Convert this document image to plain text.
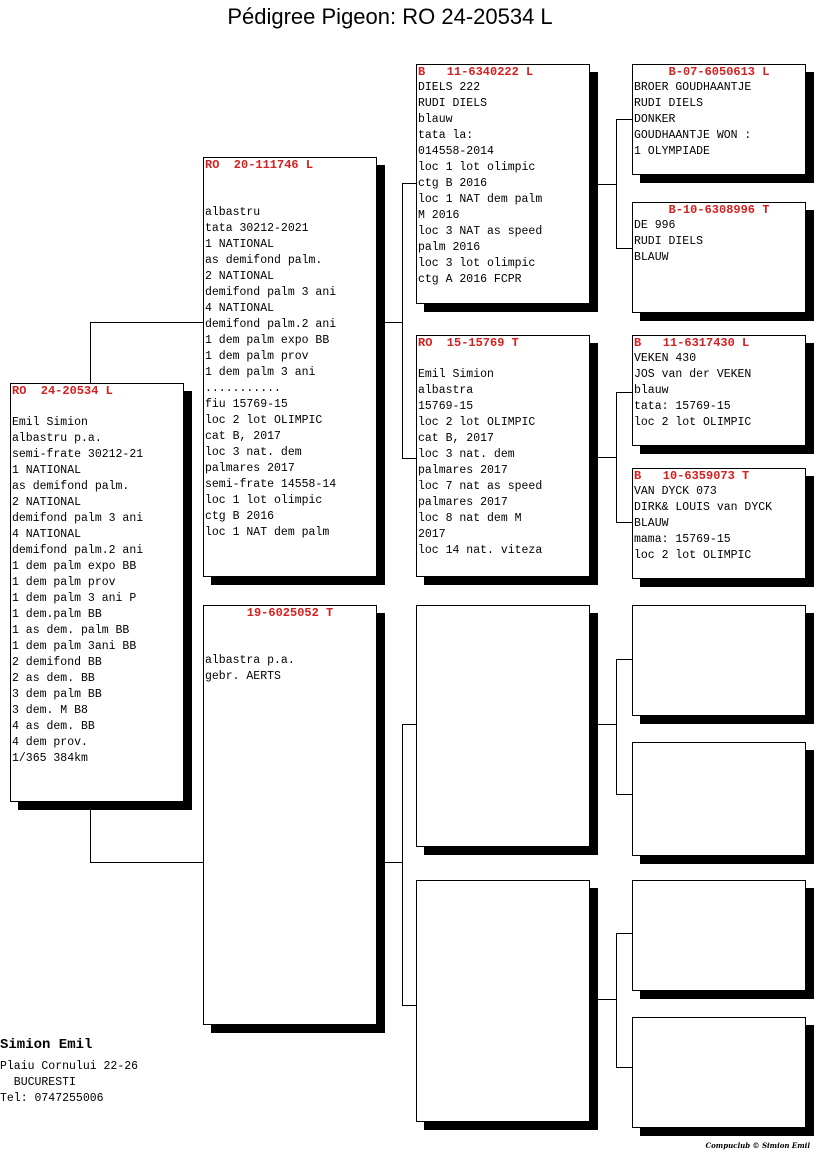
Pédigree Pigeon: RO 24-20534 L
RO  24-20534 L

Emil Simion
albastru p.a.
semi-frate 30212-21
1 NATIONAL
as demifond palm.
2 NATIONAL
demifond palm 3 ani
4 NATIONAL
demifond palm.2 ani
1 dem palm expo BB
1 dem palm prov
1 dem palm 3 ani P
1 dem.palm BB
1 as dem. palm BB
1 dem palm 3ani BB
2 demifond BB
2 as dem. BB
3 dem palm BB
3 dem. M B8
4 as dem. BB
4 dem prov.
1/365 384km
RO  20-111746 L

albastru
tata 30212-2021
1 NATIONAL
as demifond palm.
2 NATIONAL
demifond palm 3 ani
4 NATIONAL
demifond palm.2 ani
1 dem palm expo BB
1 dem palm prov
1 dem palm 3 ani
...........
fiu 15769-15
loc 2 lot OLIMPIC
cat B, 2017
loc 3 nat. dem
palmares 2017
semi-frate 14558-14
loc 1 lot olimpic
ctg B 2016
loc 1 NAT dem palm
19-6025052 T

albastra p.a.
gebr. AERTS
B   11-6340222 L
DIELS 222
RUDI DIELS
blauw
tata la:
014558-2014
loc 1 lot olimpic
ctg B 2016
loc 1 NAT dem palm
M 2016
loc 3 NAT as speed
palm 2016
loc 3 lot olimpic
ctg A 2016 FCPR
RO  15-15769 T

Emil Simion
albastra
15769-15
loc 2 lot OLIMPIC
cat B, 2017
loc 3 nat. dem
palmares 2017
loc 7 nat as speed
palmares 2017
loc 8 nat dem M
2017
loc 14 nat. viteza
B-07-6050613 L
BROER GOUDHAANTJE
RUDI DIELS
DONKER
GOUDHAANTJE WON :
1 OLYMPIADE
B-10-6308996 T
DE 996
RUDI DIELS
BLAUW
B   11-6317430 L
VEKEN 430
JOS van der VEKEN
blauw
tata: 15769-15
loc 2 lot OLIMPIC
B   10-6359073 T
VAN DYCK 073
DIRK& LOUIS van DYCK
BLAUW
mama: 15769-15
loc 2 lot OLIMPIC
Simion Emil
Plaiu Cornului 22-26
BUCURESTI
Tel: 0747255006
Compuclub © Simion Emil
